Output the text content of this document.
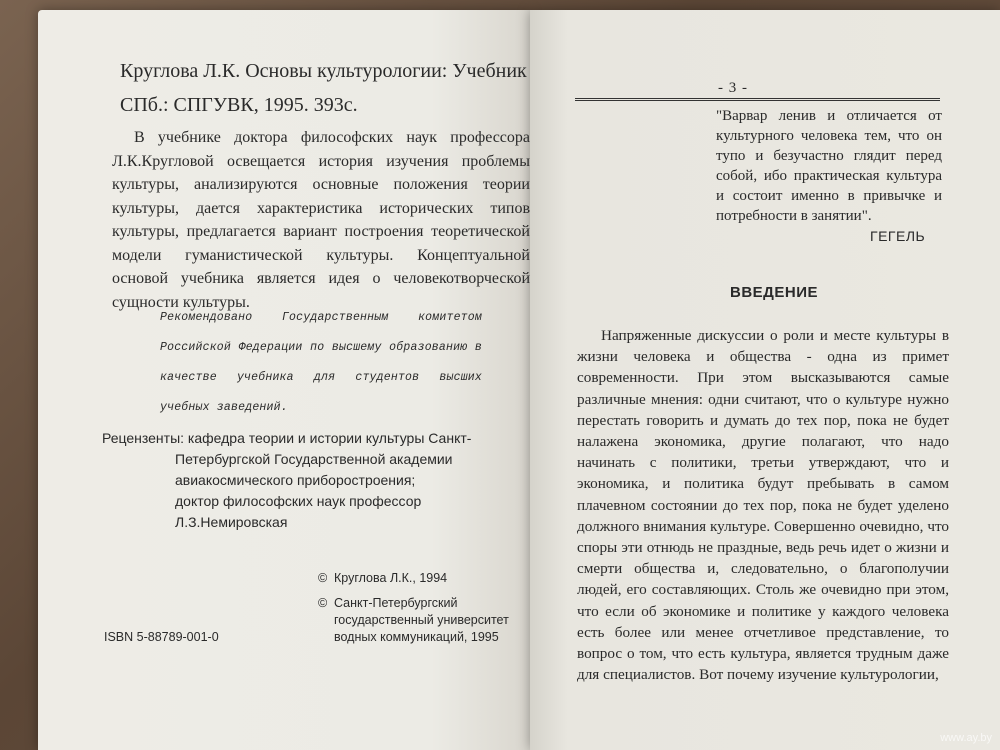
Круглова Л.К. Основы культурологии: Учебник
СПб.: СПГУВК, 1995. 393с.
В учебнике доктора философских наук профессора Л.К.Кругловой освещается история изучения проблемы культуры, анализируются основные положения теории культуры, дается характеристика исторических типов культуры, предлагается вариант построения теоретической модели гуманистической культуры. Концептуальной основой учебника является идея о человекотворческой сущности культуры.
Рекомендовано Государственным комитетом Российской Федерации по высшему образованию в качестве учебника для студентов высших учебных заведений.
Рецензенты: кафедра теории и истории культуры Санкт-
Петербургской Государственной академии
авиакосмического приборостроения;
доктор философских наук профессор Л.З.Немировская
© Круглова Л.К., 1994
© Санкт-Петербургский государственный университет водных коммуникаций, 1995
ISBN 5-88789-001-0
- 3 -
"Варвар ленив и отличается от культурного человека тем, что он тупо и безучастно глядит перед собой, ибо практическая культура и состоит именно в привычке и потребности в занятии".
ГЕГЕЛЬ
ВВЕДЕНИЕ
Напряженные дискуссии о роли и месте культуры в жизни человека и общества - одна из примет современности. При этом высказываются самые различные мнения: одни считают, что о культуре нужно перестать говорить и думать до тех пор, пока не будет налажена экономика, другие полагают, что надо начинать с политики, третьи утверждают, что и экономика, и политика будут пребывать в самом плачевном состоянии до тех пор, пока не будет уделено должного внимания культуре. Совершенно очевидно, что споры эти отнюдь не праздные, ведь речь идет о жизни и смерти общества и, следовательно, о благополучии людей, его составляющих. Столь же очевидно при этом, что если об экономике и политике у каждого человека есть более или менее отчетливое представление, то вопрос о том, что есть культура, является трудным даже для специалистов. Вот почему изучение культурологии,
www.ay.by
